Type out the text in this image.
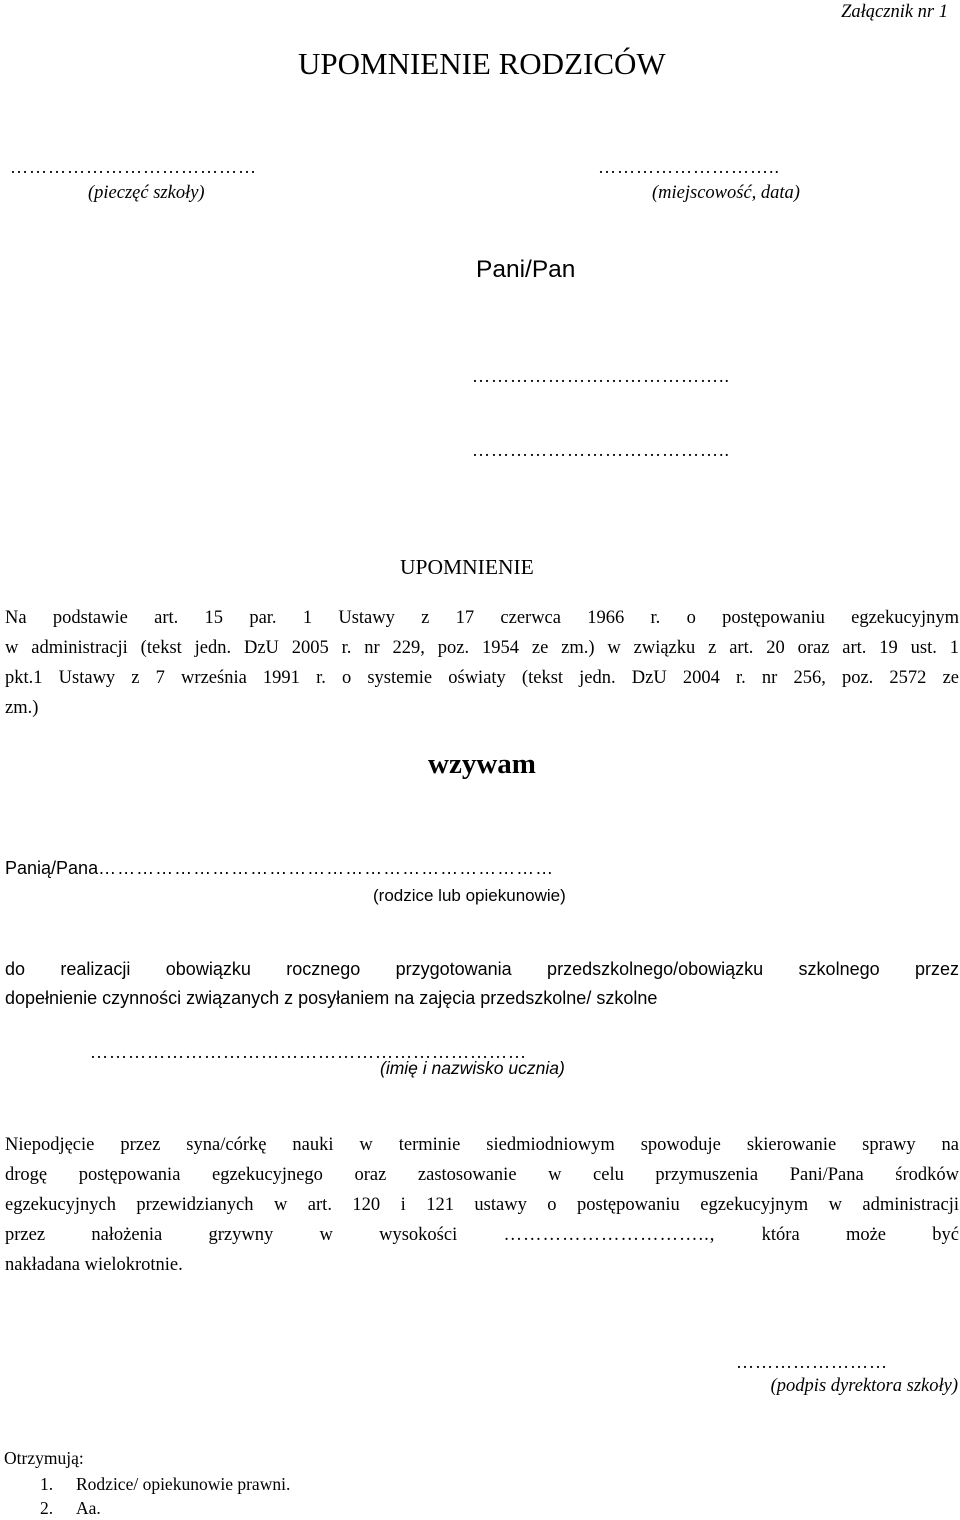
Załącznik nr 1

UPOMNIENIE RODZICÓW
…………………………………
(pieczęć szkoły)
………………………..
(miejscowość, data)
Pani/Pan
…………………………………..
…………………………………..
UPOMNIENIE
Na podstawie art. 15 par. 1 Ustawy z 17 czerwca 1966 r. o postępowaniu egzekucyjnym
w administracji (tekst jedn. DzU 2005 r. nr 229, poz. 1954 ze zm.) w związku z art. 20 oraz art. 19 ust. 1
pkt.1 Ustawy z 7 września 1991 r. o systemie oświaty (tekst jedn. DzU 2004 r. nr 256, poz. 2572 ze
zm.)
wzywam
Panią/Pana………………………………………………………………
(rodzice lub opiekunowie)
do realizacji obowiązku rocznego przygotowania przedszkolnego/obowiązku szkolnego przez
dopełnienie czynności związanych z posyłaniem na zajęcia przedszkolne/ szkolne
……………………………………………………………
(imię i nazwisko ucznia)
Niepodjęcie przez syna/córkę nauki w terminie siedmiodniowym spowoduje skierowanie sprawy na
drogę postępowania egzekucyjnego oraz zastosowanie w celu przymuszenia Pani/Pana środków
egzekucyjnych przewidzianych w art. 120 i 121 ustawy o postępowaniu egzekucyjnym w administracji
przez nałożenia grzywny w wysokości	…………………………..,	która może być
nakładana wielokrotnie.
……………………
(podpis dyrektora szkoły)
Otrzymują:
1. Rodzice/ opiekunowie prawni.
2. Aa.
